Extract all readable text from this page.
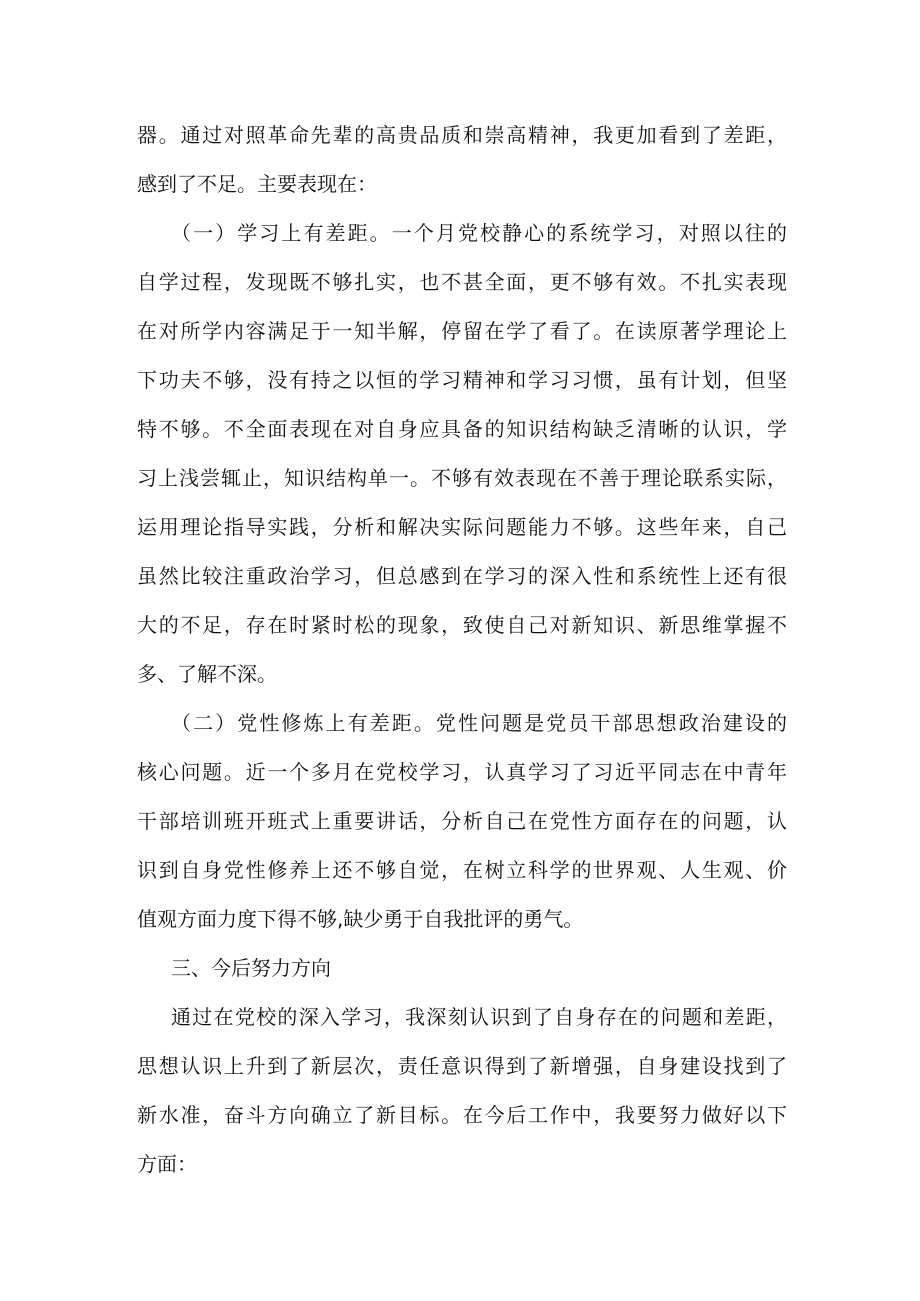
器。通过对照革命先辈的高贵品质和崇高精神，我更加看到了差距，
感到了不足。主要表现在：
（一）学习上有差距。一个月党校静心的系统学习，对照以往的
自学过程，发现既不够扎实，也不甚全面，更不够有效。不扎实表现
在对所学内容满足于一知半解，停留在学了看了。在读原著学理论上
下功夫不够，没有持之以恒的学习精神和学习习惯，虽有计划，但坚
特不够。不全面表现在对自身应具备的知识结构缺乏清晰的认识，学
习上浅尝辄止，知识结构单一。不够有效表现在不善于理论联系实际，
运用理论指导实践，分析和解决实际问题能力不够。这些年来，自己
虽然比较注重政治学习，但总感到在学习的深入性和系统性上还有很
大的不足，存在时紧时松的现象，致使自己对新知识、新思维掌握不
多、了解不深。
（二）党性修炼上有差距。党性问题是党员干部思想政治建设的
核心问题。近一个多月在党校学习，认真学习了习近平同志在中青年
干部培训班开班式上重要讲话，分析自己在党性方面存在的问题，认
识到自身党性修养上还不够自觉，在树立科学的世界观、人生观、价
值观方面力度下得不够,缺少勇于自我批评的勇气。
三、今后努力方向
通过在党校的深入学习，我深刻认识到了自身存在的问题和差距，
思想认识上升到了新层次，责任意识得到了新增强，自身建设找到了
新水准，奋斗方向确立了新目标。在今后工作中，我要努力做好以下
方面：
